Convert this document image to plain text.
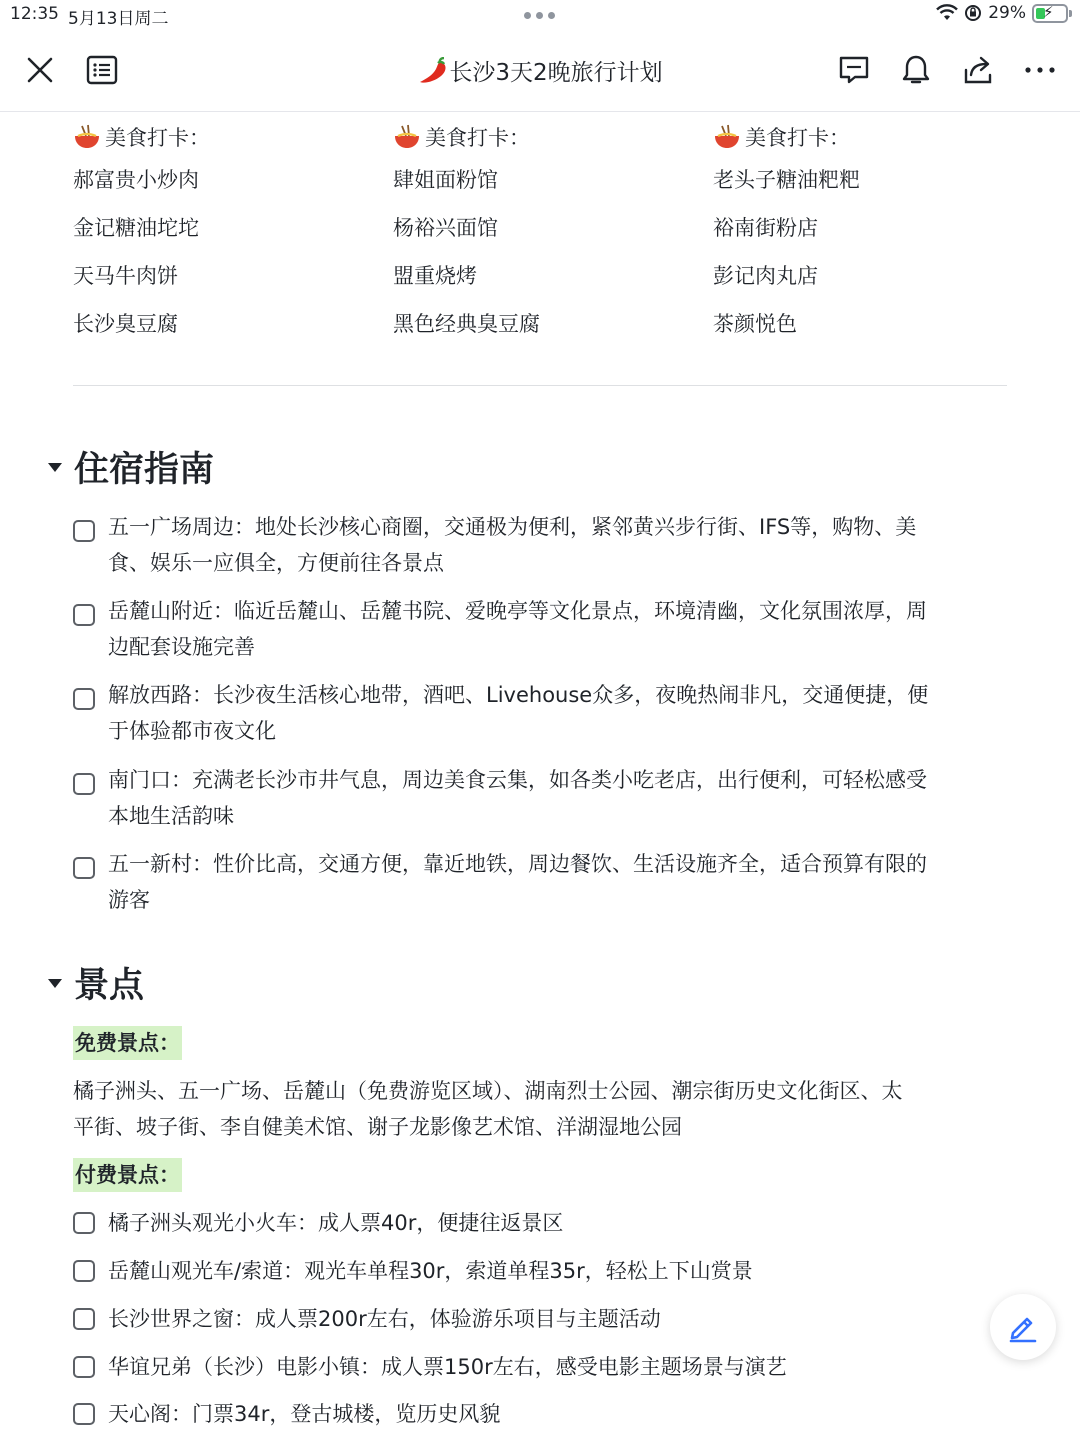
12:35 5月13日周二	29% ⚡
长沙3天2晚旅行计划
美食打卡：
郝富贵小炒肉
金记糖油坨坨
天马牛肉饼
长沙臭豆腐
美食打卡：
肆姐面粉馆
杨裕兴面馆
盟重烧烤
黑色经典臭豆腐
美食打卡：
老头子糖油粑粑
裕南街粉店
彭记肉丸店
茶颜悦色
住宿指南
五一广场周边：地处长沙核心商圈，交通极为便利，紧邻黄兴步行街、IFS等，购物、美
食、娱乐一应俱全，方便前往各景点
岳麓山附近：临近岳麓山、岳麓书院、爱晚亭等文化景点，环境清幽，文化氛围浓厚，周
边配套设施完善
解放西路：长沙夜生活核心地带，酒吧、Livehouse众多，夜晚热闹非凡，交通便捷，便
于体验都市夜文化
南门口：充满老长沙市井气息，周边美食云集，如各类小吃老店，出行便利，可轻松感受
本地生活韵味
五一新村：性价比高，交通方便，靠近地铁，周边餐饮、生活设施齐全，适合预算有限的
游客
景点
免费景点：
橘子洲头、五一广场、岳麓山（免费游览区域）、湖南烈士公园、潮宗街历史文化街区、太
平街、坡子街、李自健美术馆、谢子龙影像艺术馆、洋湖湿地公园
付费景点：
橘子洲头观光小火车：成人票40r，便捷往返景区
岳麓山观光车/索道：观光车单程30r，索道单程35r，轻松上下山赏景
长沙世界之窗：成人票200r左右，体验游乐项目与主题活动
华谊兄弟（长沙）电影小镇：成人票150r左右，感受电影主题场景与演艺
天心阁：门票34r，登古城楼，览历史风貌
